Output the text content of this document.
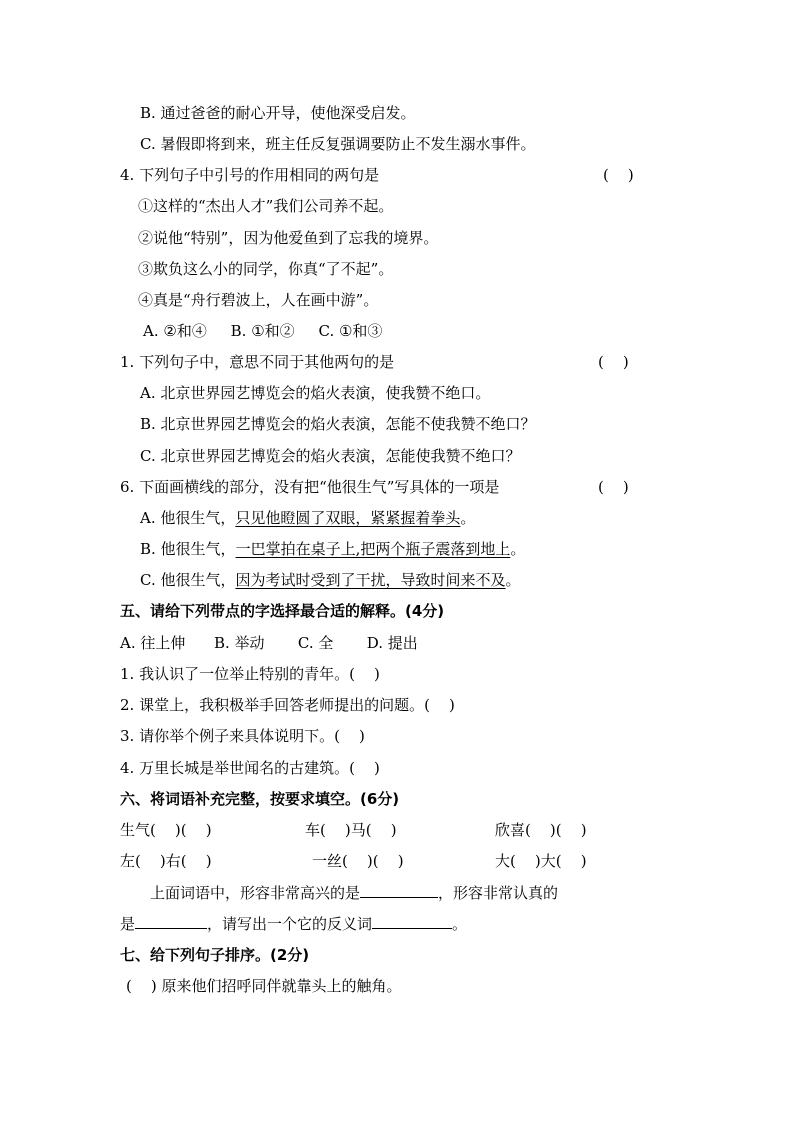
B. 通过爸爸的耐心开导，使他深受启发。
C. 暑假即将到来，班主任反复强调要防止不发生溺水事件。
4. 下列句子中引号的作用相同的两句是	(    )
①这样的“杰出人才”我们公司养不起。
②说他“特别”，因为他爱鱼到了忘我的境界。
③欺负这么小的同学，你真“了不起”。
④真是“舟行碧波上，人在画中游”。
A. ②和④     B. ①和②     C. ①和③
1. 下列句子中，意思不同于其他两句的是	(    )
A. 北京世界园艺博览会的焰火表演，使我赞不绝口。
B. 北京世界园艺博览会的焰火表演，怎能不使我赞不绝口？
C. 北京世界园艺博览会的焰火表演，怎能使我赞不绝口？
6. 下面画横线的部分，没有把“他很生气”写具体的一项是	(    )
A. 他很生气，只见他瞪圆了双眼，紧紧握着拳头。
B. 他很生气，一巴掌拍在桌子上,把两个瓶子震落到地上。
C. 他很生气，因为考试时受到了干扰，导致时间来不及。
五、请给下列带点的字选择最合适的解释。(4分)
A. 往上伸      B. 举动       C. 全       D. 提出
1. 我认识了一位举止特别的青年。(    )
2. 课堂上，我积极举手回答老师提出的问题。(    )
3. 请你举个例子来具体说明下。(    )
4. 万里长城是举世闻名的古建筑。(    )
六、将词语补充完整，按要求填空。(6分)
生气(    )(    )	车(    )马(    )	欣喜(    )(    )
左(    )右(    )	一丝(    )(    )	大(    )大(    )
上面词语中，形容非常高兴的是	，形容非常认真的
是	，请写出一个它的反义词	。
七、给下列句子排序。(2分)
(    ) 原来他们招呼同伴就靠头上的触角。
